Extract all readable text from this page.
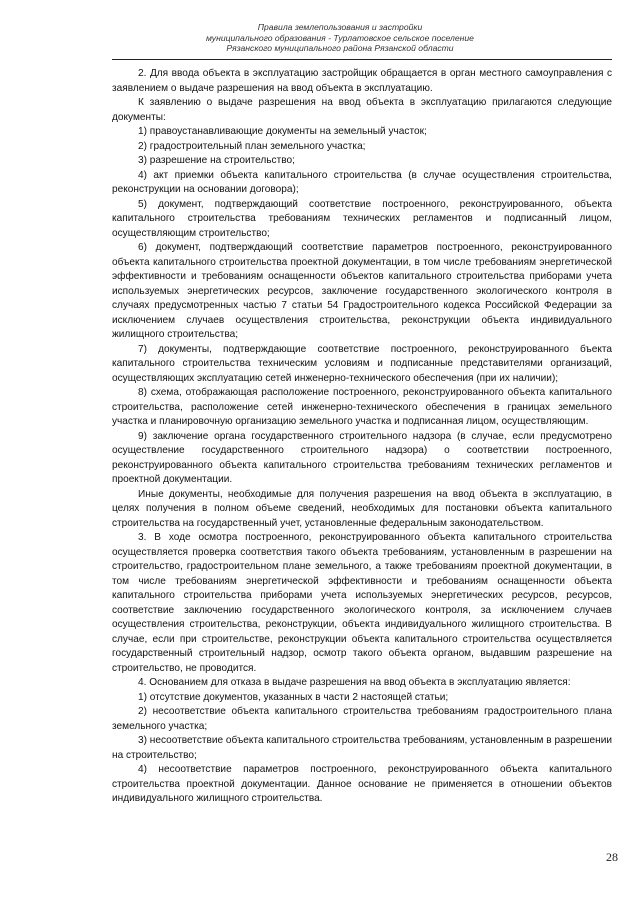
Правила землепользования и застройки
муниципального образования - Турлатовское сельское поселение
Рязанского муниципального района Рязанской области

2. Для ввода объекта в эксплуатацию застройщик обращается в орган местного самоуправления с заявлением о выдаче разрешения на ввод объекта в эксплуатацию.

К заявлению о выдаче разрешения на ввод объекта в эксплуатацию прилагаются следующие документы:

1) правоустанавливающие документы на земельный участок;

2) градостроительный план земельного участка;

3) разрешение на строительство;

4) акт приемки объекта капитального строительства (в случае осуществления строительства, реконструкции на основании договора);

5) документ, подтверждающий соответствие построенного, реконструированного, объекта капитального строительства требованиям технических регламентов и подписанный лицом, осуществляющим строительство;

6) документ, подтверждающий соответствие параметров построенного, реконструированного объекта капитального строительства проектной документации, в том числе требованиям энергетической эффективности и требованиям оснащенности объектов капитального строительства приборами учета используемых энергетических ресурсов, заключение государственного экологического контроля в случаях предусмотренных частью 7 статьи 54 Градостроительного кодекса Российской Федерации за исключением случаев осуществления строительства, реконструкции объекта индивидуального жилищного строительства;

7) документы, подтверждающие соответствие построенного, реконструированного бъекта капитального строительства техническим условиям и подписанные представителями организаций, осуществляющих эксплуатацию сетей инженерно-технического обеспечения (при их наличии);

8) схема, отображающая расположение построенного, реконструированного объекта капитального строительства, расположение сетей инженерно-технического обеспечения в границах земельного участка и планировочную организацию земельного участка и подписанная лицом, осуществляющим.

9) заключение органа государственного строительного надзора (в случае, если предусмотрено осуществление государственного строительного надзора) о соответствии построенного, реконструированного объекта капитального строительства требованиям технических регламентов и проектной документации.

Иные документы, необходимые для получения разрешения на ввод объекта в эксплуатацию, в целях получения в полном объеме сведений, необходимых для постановки объекта капитального строительства на государственный учет, установленные федеральным законодательством.

3. В ходе осмотра построенного, реконструированного объекта капитального строительства осуществляется проверка соответствия такого объекта требованиям, установленным в разрешении на строительство, градостроительном плане земельного, а также требованиям проектной документации, в том числе требованиям энергетической эффективности и требованиям оснащенности объекта капитального строительства приборами учета используемых энергетических ресурсов, ресурсов, соответствие заключению государственного экологического контроля, за исключением случаев осуществления строительства, реконструкции, объекта индивидуального жилищного строительства. В случае, если при строительстве, реконструкции объекта капитального строительства осуществляется государственный строительный надзор, осмотр такого объекта органом, выдавшим разрешение на строительство, не проводится.

4. Основанием для отказа в выдаче разрешения на ввод объекта в эксплуатацию является:

1) отсутствие документов, указанных в части 2 настоящей статьи;

2) несоответствие объекта капитального строительства требованиям градостроительного плана земельного участка;

3) несоответствие объекта капитального строительства требованиям, установленным в разрешении на строительство;

4) несоответствие параметров построенного, реконструированного объекта капитального строительства проектной документации. Данное основание не применяется в отношении объектов индивидуального жилищного строительства.

28
